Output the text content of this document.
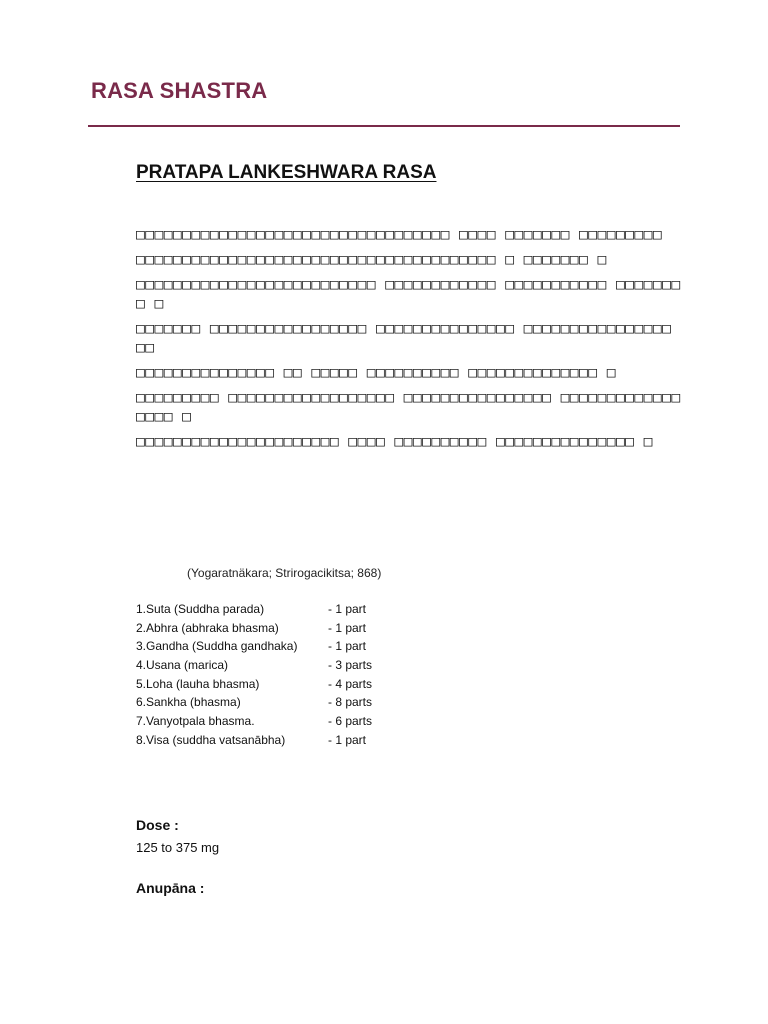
RASA SHASTRA
PRATAPA LANKESHWARA RASA
□□□□□□□□□□□□□□□□□□□□□□□□□□□□□□□□□□ □□□□ □□□□□□□ □□□□□□□□□
□□□□□□□□□□□□□□□□□□□□□□□□□□□□□□□□□□□□□□□ □ □□□□□□□ □
□□□□□□□□□□□□□□□□□□□□□□□□□□ □□□□□□□□□□□□ □□□□□□□□□□□ □□□□□□□□ □
□□□□□□□ □□□□□□□□□□□□□□□□□ □□□□□□□□□□□□□□□ □□□□□□□□□□□□□□□□ □□
□□□□□□□□□□□□□□□ □□ □□□□□ □□□□□□□□□□ □□□□□□□□□□□□□□ □
□□□□□□□□□ □□□□□□□□□□□□□□□□□□ □□□□□□□□□□□□□□□□ □□□□□□□□□□□□□□□□□ □
□□□□□□□□□□□□□□□□□□□□□□ □□□□ □□□□□□□□□□ □□□□□□□□□□□□□□□ □
(Yogaratnäkara; Strirogacikitsa; 868)
1.Suta (Suddha parada)	- 1 part
2.Abhra (abhraka bhasma)	- 1 part
3.Gandha (Suddha gandhaka)	- 1 part
4.Usana (marica)	- 3 parts
5.Loha (lauha bhasma)	- 4 parts
6.Sankha (bhasma)	- 8 parts
7.Vanyotpala bhasma.	- 6 parts
8.Visa (suddha vatsanābha)	- 1 part
Dose :
125 to 375 mg
Anupāna :
